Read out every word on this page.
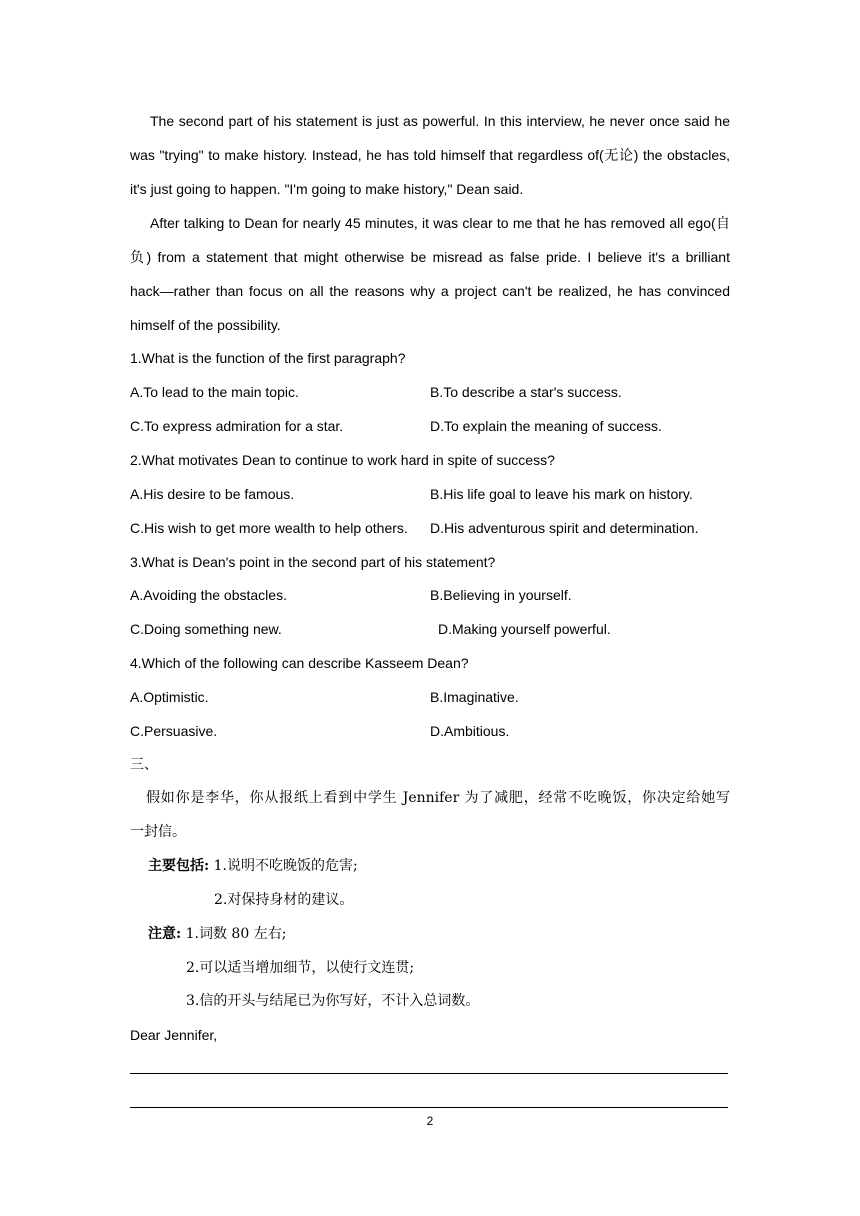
The second part of his statement is just as powerful. In this interview, he never once said he
was "trying" to make history. Instead, he has told himself that regardless of(无论) the obstacles,
it's just going to happen. "I'm going to make history," Dean said.
After talking to Dean for nearly 45 minutes, it was clear to me that he has removed all ego(自
负) from a statement that might otherwise be misread as false pride. I believe it's a brilliant
hack—rather than focus on all the reasons why a project can't be realized, he has convinced
himself of the possibility.
1.What is the function of the first paragraph?
A.To lead to the main topic.	B.To describe a star's success.
C.To express admiration for a star.	D.To explain the meaning of success.
2.What motivates Dean to continue to work hard in spite of success?
A.His desire to be famous.	B.His life goal to leave his mark on history.
C.His wish to get more wealth to help others. D.His adventurous spirit and determination.
3.What is Dean's point in the second part of his statement?
A.Avoiding the obstacles.	B.Believing in yourself.
C.Doing something new.	D.Making yourself powerful.
4.Which of the following can describe Kasseem Dean?
A.Optimistic.	B.Imaginative.
C.Persuasive.	D.Ambitious.
三、
假如你是李华，你从报纸上看到中学生 Jennifer 为了减肥，经常不吃晚饭，你决定给她写
一封信。
主要包括: 1.说明不吃晚饭的危害;
2.对保持身材的建议。
注意: 1.词数 80 左右;
2.可以适当增加细节，以使行文连贯;
3.信的开头与结尾已为你写好，不计入总词数。
Dear Jennifer,
2
